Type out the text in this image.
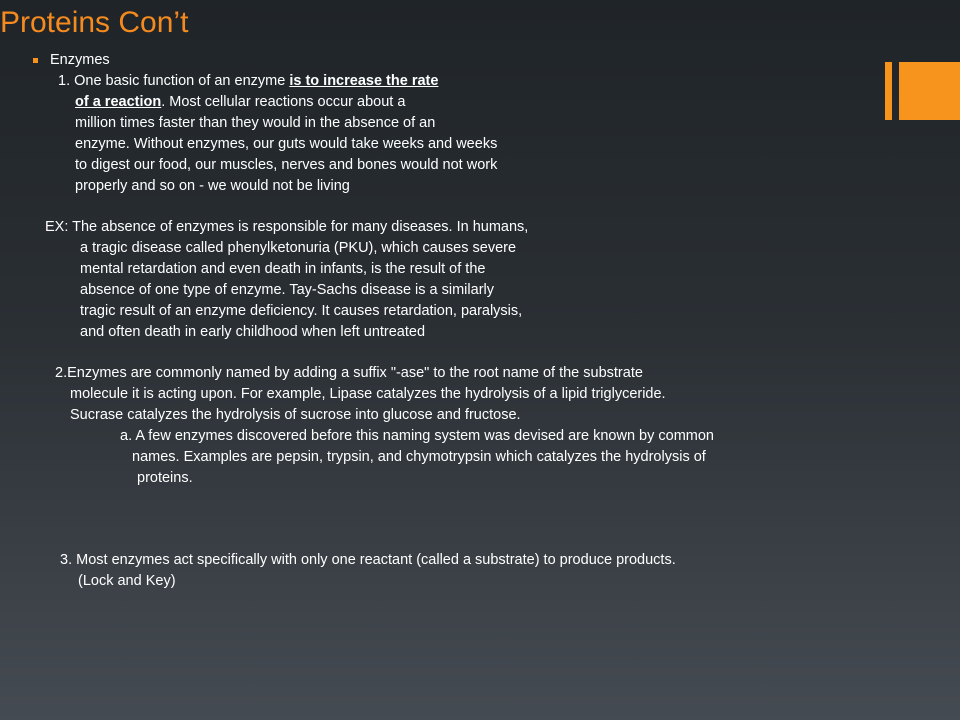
Proteins Con’t
Enzymes
1. One basic function of an enzyme is to increase the rate
of a reaction. Most cellular reactions occur about a
million times faster than they would in the absence of an
enzyme. Without enzymes, our guts would take weeks and weeks
to digest our food, our muscles, nerves and bones would not work
properly and so on - we would not be living
EX: The absence of enzymes is responsible for many diseases. In humans,
a tragic disease called phenylketonuria (PKU), which causes severe
mental retardation and even death in infants, is the result of the
absence of one type of enzyme. Tay-Sachs disease is a similarly
tragic result of an enzyme deficiency. It causes retardation, paralysis,
and often death in early childhood when left untreated
2.Enzymes are commonly named by adding a suffix "-ase" to the root name of the substrate
molecule it is acting upon. For example, Lipase catalyzes the hydrolysis of a lipid triglyceride.
Sucrase catalyzes the hydrolysis of sucrose into glucose and fructose.
a. A few enzymes discovered before this naming system was devised are known by common
names. Examples are pepsin, trypsin, and chymotrypsin which catalyzes the hydrolysis of
proteins.
3. Most enzymes act specifically with only one reactant (called a substrate) to produce products.
(Lock and Key)
